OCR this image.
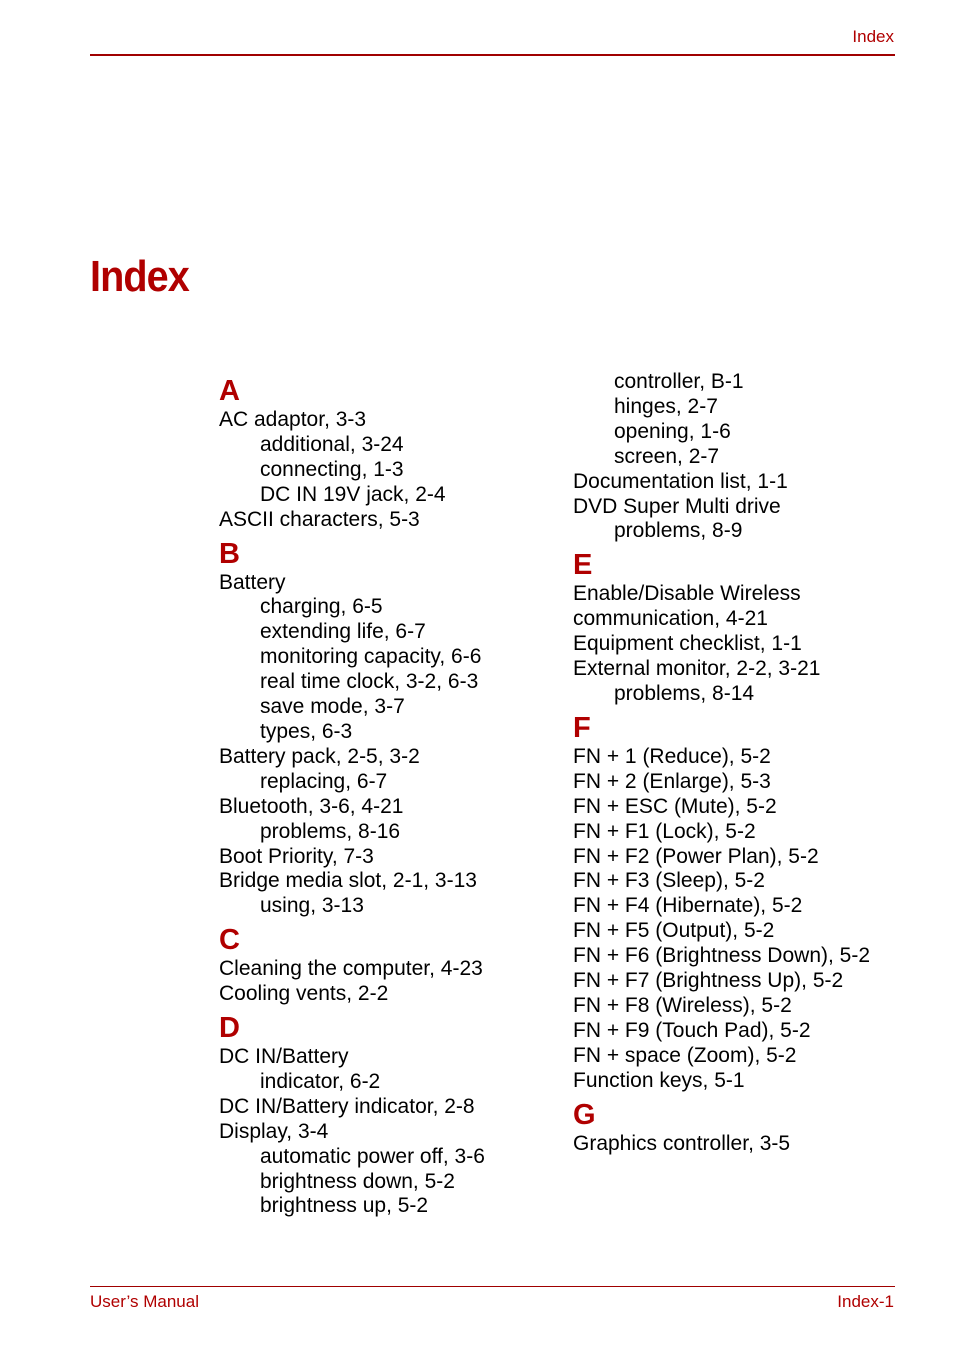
Index
Index
A
AC adaptor, 3-3
additional, 3-24
connecting, 1-3
DC IN 19V jack, 2-4
ASCII characters, 5-3
B
Battery
charging, 6-5
extending life, 6-7
monitoring capacity, 6-6
real time clock, 3-2, 6-3
save mode, 3-7
types, 6-3
Battery pack, 2-5, 3-2
replacing, 6-7
Bluetooth, 3-6, 4-21
problems, 8-16
Boot Priority, 7-3
Bridge media slot, 2-1, 3-13
using, 3-13
C
Cleaning the computer, 4-23
Cooling vents, 2-2
D
DC IN/Battery
indicator, 6-2
DC IN/Battery indicator, 2-8
Display, 3-4
automatic power off, 3-6
brightness down, 5-2
brightness up, 5-2
controller, B-1
hinges, 2-7
opening, 1-6
screen, 2-7
Documentation list, 1-1
DVD Super Multi drive
problems, 8-9
E
Enable/Disable Wireless
communication, 4-21
Equipment checklist, 1-1
External monitor, 2-2, 3-21
problems, 8-14
F
FN + 1 (Reduce), 5-2
FN + 2 (Enlarge), 5-3
FN + ESC (Mute), 5-2
FN + F1 (Lock), 5-2
FN + F2 (Power Plan), 5-2
FN + F3 (Sleep), 5-2
FN + F4 (Hibernate), 5-2
FN + F5 (Output), 5-2
FN + F6 (Brightness Down), 5-2
FN + F7 (Brightness Up), 5-2
FN + F8 (Wireless), 5-2
FN + F9 (Touch Pad), 5-2
FN + space (Zoom), 5-2
Function keys, 5-1
G
Graphics controller, 3-5
User’s Manual	Index-1
